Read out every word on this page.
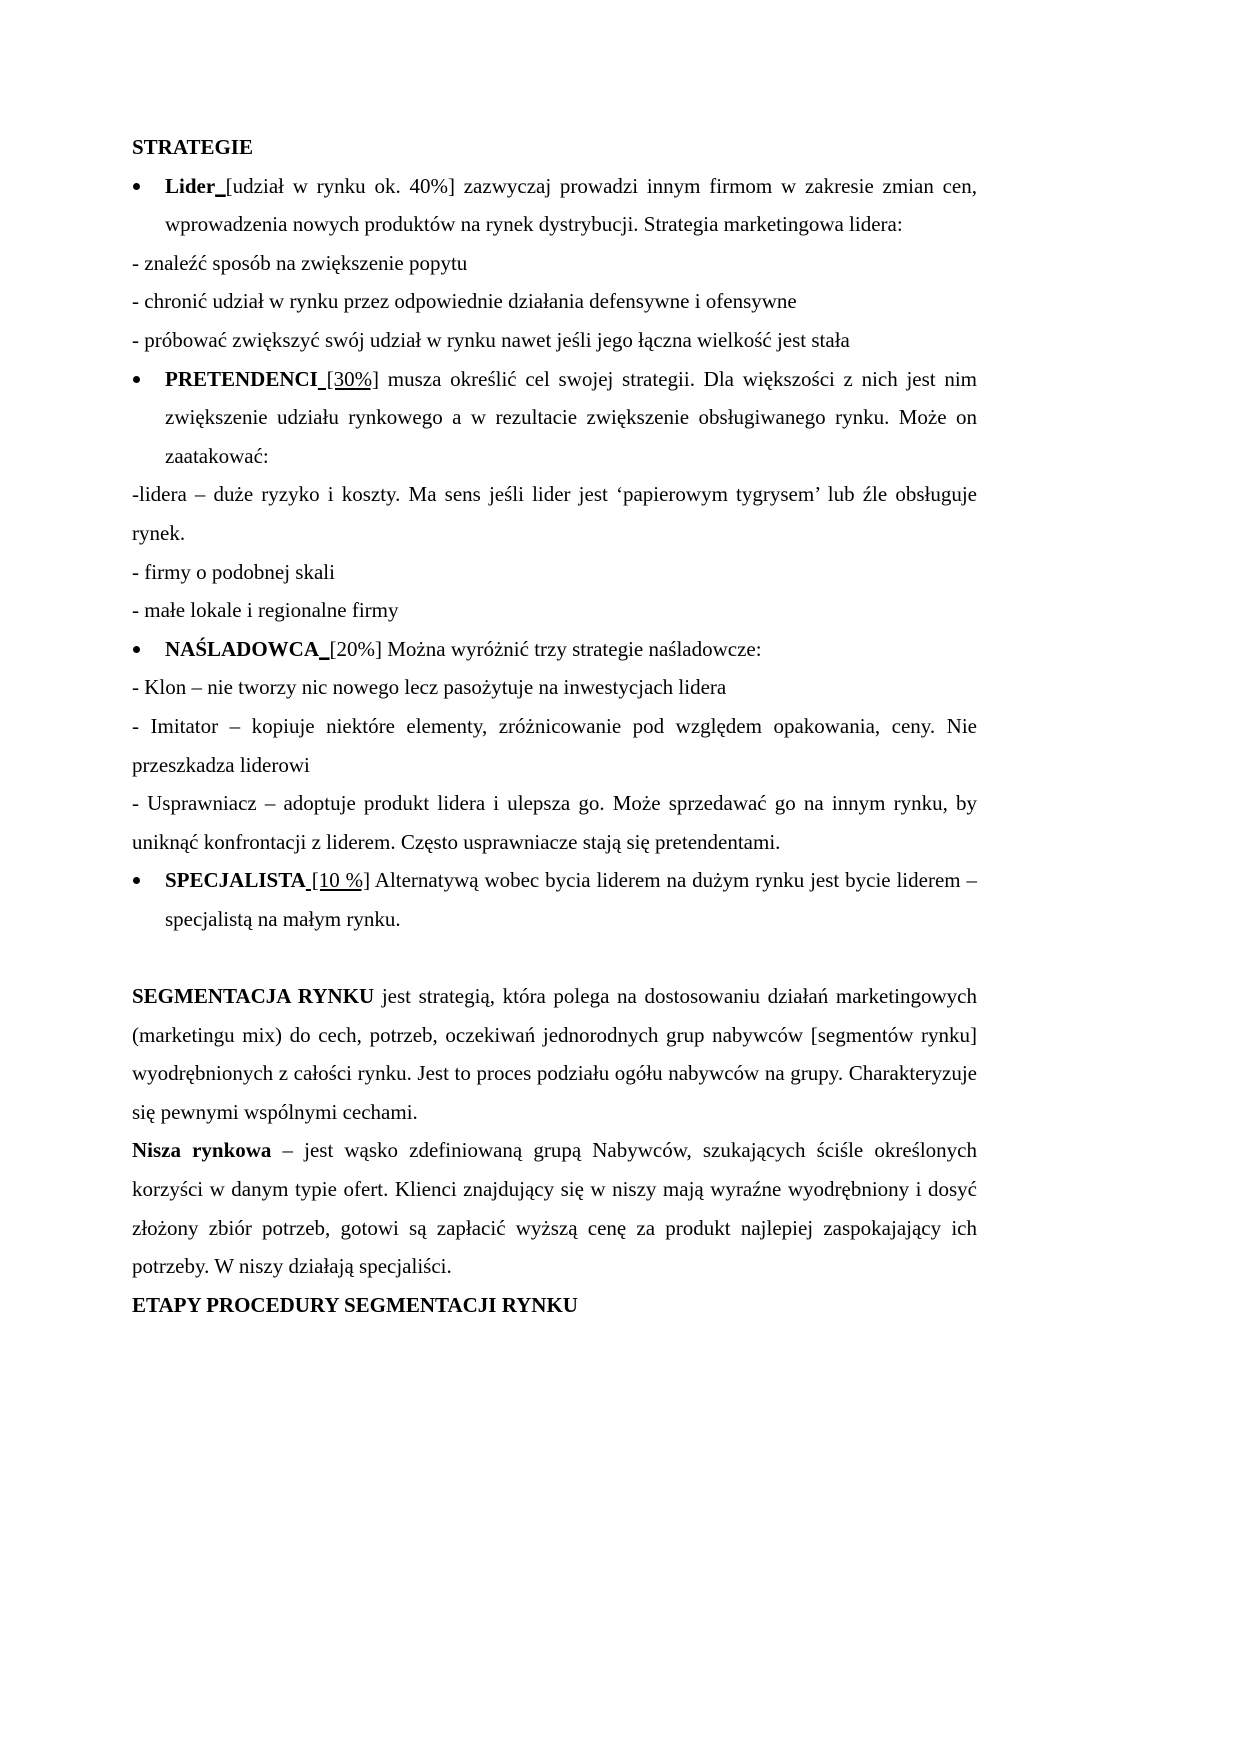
STRATEGIE

Lider_[udział w rynku ok. 40%] zazwyczaj prowadzi innym firmom w zakresie zmian cen, wprowadzenia nowych produktów na rynek dystrybucji. Strategia marketingowa lidera:

- znaleźć sposób na zwiększenie popytu

- chronić udział w rynku przez odpowiednie działania defensywne i ofensywne

- próbować zwiększyć swój udział w rynku nawet jeśli jego łączna wielkość jest stała

PRETENDENCI [30%] musza określić cel swojej strategii. Dla większości z nich jest nim zwiększenie udziału rynkowego a w rezultacie zwiększenie obsługiwanego rynku. Może on zaatakować:

-lidera – duże ryzyko i koszty. Ma sens jeśli lider jest ‘papierowym tygrysem’ lub źle obsługuje rynek.

- firmy o podobnej skali

- małe lokale i regionalne firmy

NAŚLADOWCA_[20%] Można wyróżnić trzy strategie naśladowcze:

- Klon – nie tworzy nic nowego lecz pasożytuje na inwestycjach lidera

- Imitator – kopiuje niektóre elementy, zróżnicowanie pod względem opakowania, ceny. Nie przeszkadza liderowi

- Usprawniacz – adoptuje produkt lidera i ulepsza go. Może sprzedawać go na innym rynku, by uniknąć konfrontacji z liderem. Często usprawniacze stają się pretendentami.

SPECJALISTA [10 %] Alternatywą wobec bycia liderem na dużym rynku jest bycie liderem – specjalistą na małym rynku.

SEGMENTACJA RYNKU jest strategią, która polega na dostosowaniu działań marketingowych (marketingu mix) do cech, potrzeb, oczekiwań jednorodnych grup nabywców [segmentów rynku] wyodrębnionych z całości rynku. Jest to proces podziału ogółu nabywców na grupy. Charakteryzuje się pewnymi wspólnymi cechami.

Nisza rynkowa – jest wąsko zdefiniowaną grupą Nabywców, szukających ściśle określonych korzyści w danym typie ofert. Klienci znajdujący się w niszy mają wyraźne wyodrębniony i dosyć złożony zbiór potrzeb, gotowi są zapłacić wyższą cenę za produkt najlepiej zaspokajający ich potrzeby. W niszy działają specjaliści.

ETAPY PROCEDURY SEGMENTACJI RYNKU
